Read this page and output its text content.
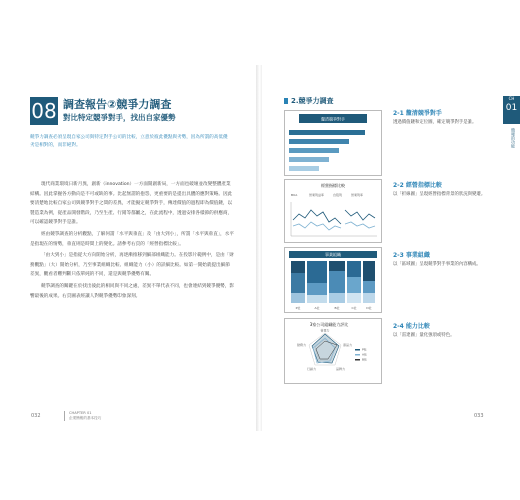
08 調查報告②競爭力調查
對比特定競爭對手，找出自家優勢
競爭力調查必須呈現自家公司與特定對手公司的比較，立意於彼此優點與劣勢，因為所謂的高低優劣是相對的，而非絕對。

現代商業環境日新月異，創新（innovation）一方面開創新局，一方面也破壞並改變整體產業結構。因此掌握各方動向是不可或缺的事。比起無謂的抱怨，更重要的是提出具體的應對策略。因此要清楚地比較自家公司與競爭對手之間的差異，才能擬定競爭對手，傳達價值的過程即為價值鏈，以製造業為例，從產品開發階段，乃至生產、行銷等都屬之，在此流程中，透過安排各樣節的供應商，可以確認競爭對手是誰。

經由競爭調查的分析觀點，了解何謂「水平與垂直」及「由大到小」，所謂「水平與垂直」，水平是指現在的情勢，垂直則是時間上的變化。請參考右頁的「經營指標比較」。

「由大到小」是指從大方向開始分析，再逐漸推移到細部組織能力。在投影片範例中，是由「財務觀點」（大）開始分析，乃至事業組織比較、組織能力（小）的詳細比較。如第一開始就提出細節差異，觀看者難判斷只依單純的不同，還是與競爭優勢有關。

競爭調查的關鍵在於找出彼此的相同與不同之處，差異不單代表不同，也會連結到競爭優勢，影響最後的成果。右頁圖表經讓人對競爭優勢印象深刻。

032	CHAPTER 01
企業簡報的基本技巧
2.競爭力調查	CH
01
簡報的功能
釐清競爭對手
經營指標比較
BUA	營業利益率	自股利	營業利率
事業組織
P社	A社	B社	C社	D社
3家公司組織能力評比
營業力
商品力
品牌力
行銷力
財務力
P社
A社
B社
2-1 釐清競爭對手
透過價值鏈和定位圖，確定競爭對手是誰。
2-2 經營指標比較
以「折線圖」呈現經營指標背景的狀況與變遷。
2-3 事業組織
以「區域圖」呈現競爭對手事業的內容構成。
2-4 能力比較
以「雷達圖」量化強項或特色。
033
